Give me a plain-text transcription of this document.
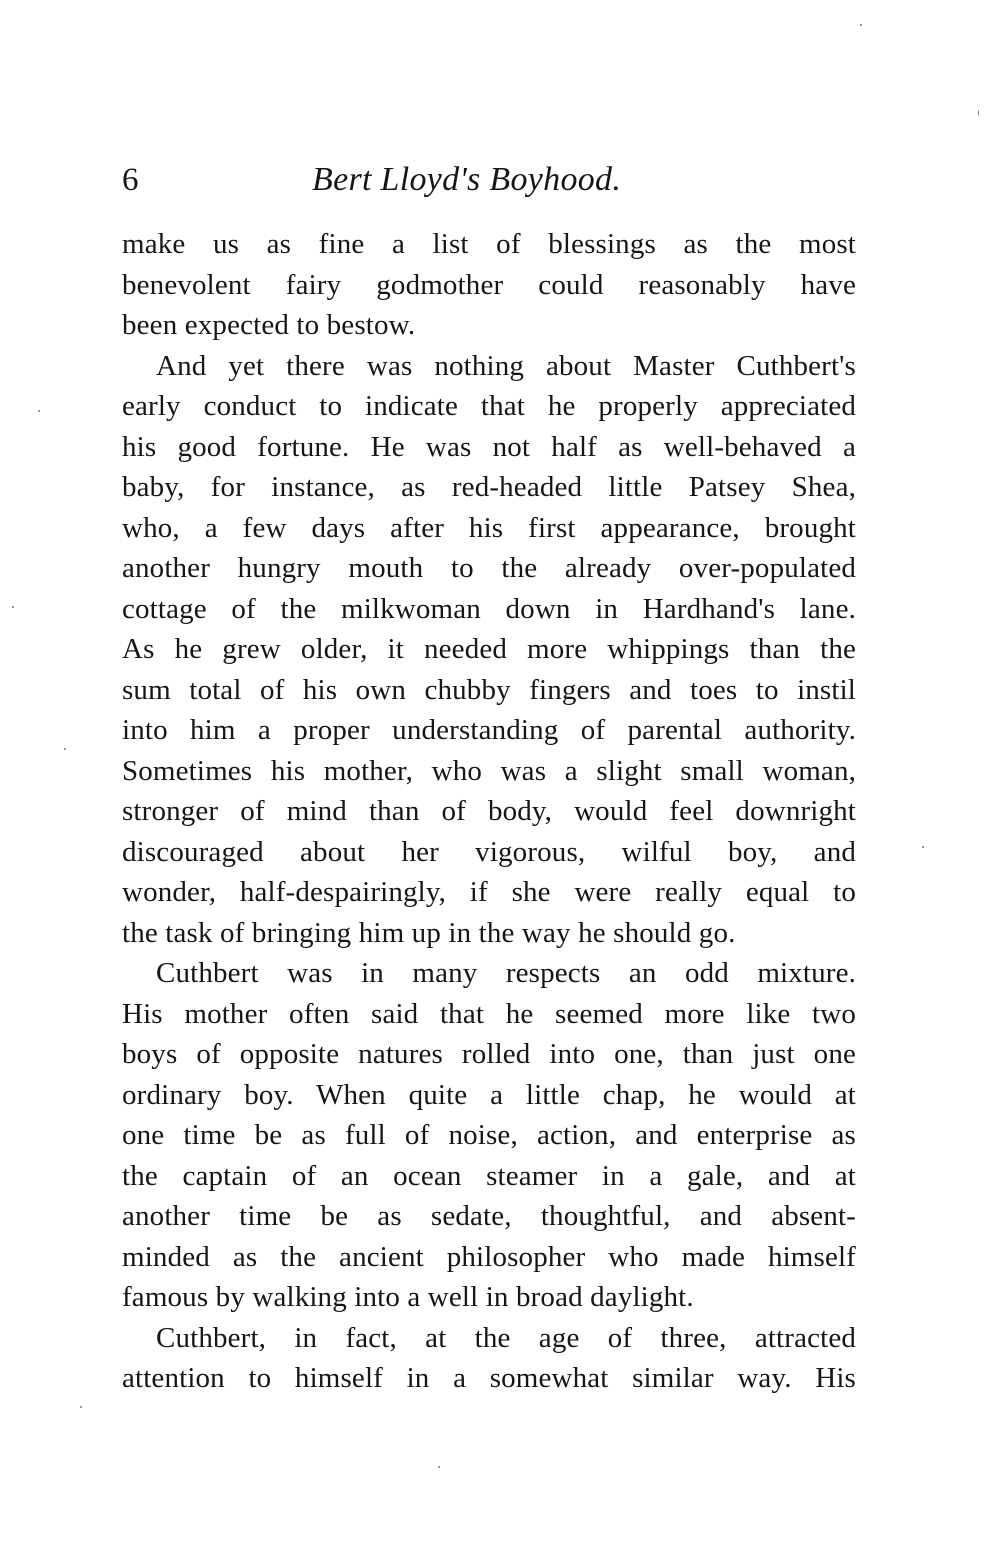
6	Bert Lloyd's Boyhood.
make us as fine a list of blessings as the most
benevolent fairy godmother could reasonably have
been expected to bestow.
And yet there was nothing about Master Cuthbert's
early conduct to indicate that he properly appreciated
his good fortune. He was not half as well-behaved a
baby, for instance, as red-headed little Patsey Shea,
who, a few days after his first appearance, brought
another hungry mouth to the already over-populated
cottage of the milkwoman down in Hardhand's lane.
As he grew older, it needed more whippings than the
sum total of his own chubby fingers and toes to instil
into him a proper understanding of parental authority.
Sometimes his mother, who was a slight small woman,
stronger of mind than of body, would feel downright
discouraged about her vigorous, wilful boy, and
wonder, half-despairingly, if she were really equal to
the task of bringing him up in the way he should go.
Cuthbert was in many respects an odd mixture.
His mother often said that he seemed more like two
boys of opposite natures rolled into one, than just one
ordinary boy. When quite a little chap, he would at
one time be as full of noise, action, and enterprise as
the captain of an ocean steamer in a gale, and at
another time be as sedate, thoughtful, and absent-
minded as the ancient philosopher who made himself
famous by walking into a well in broad daylight.
Cuthbert, in fact, at the age of three, attracted
attention to himself in a somewhat similar way. His
